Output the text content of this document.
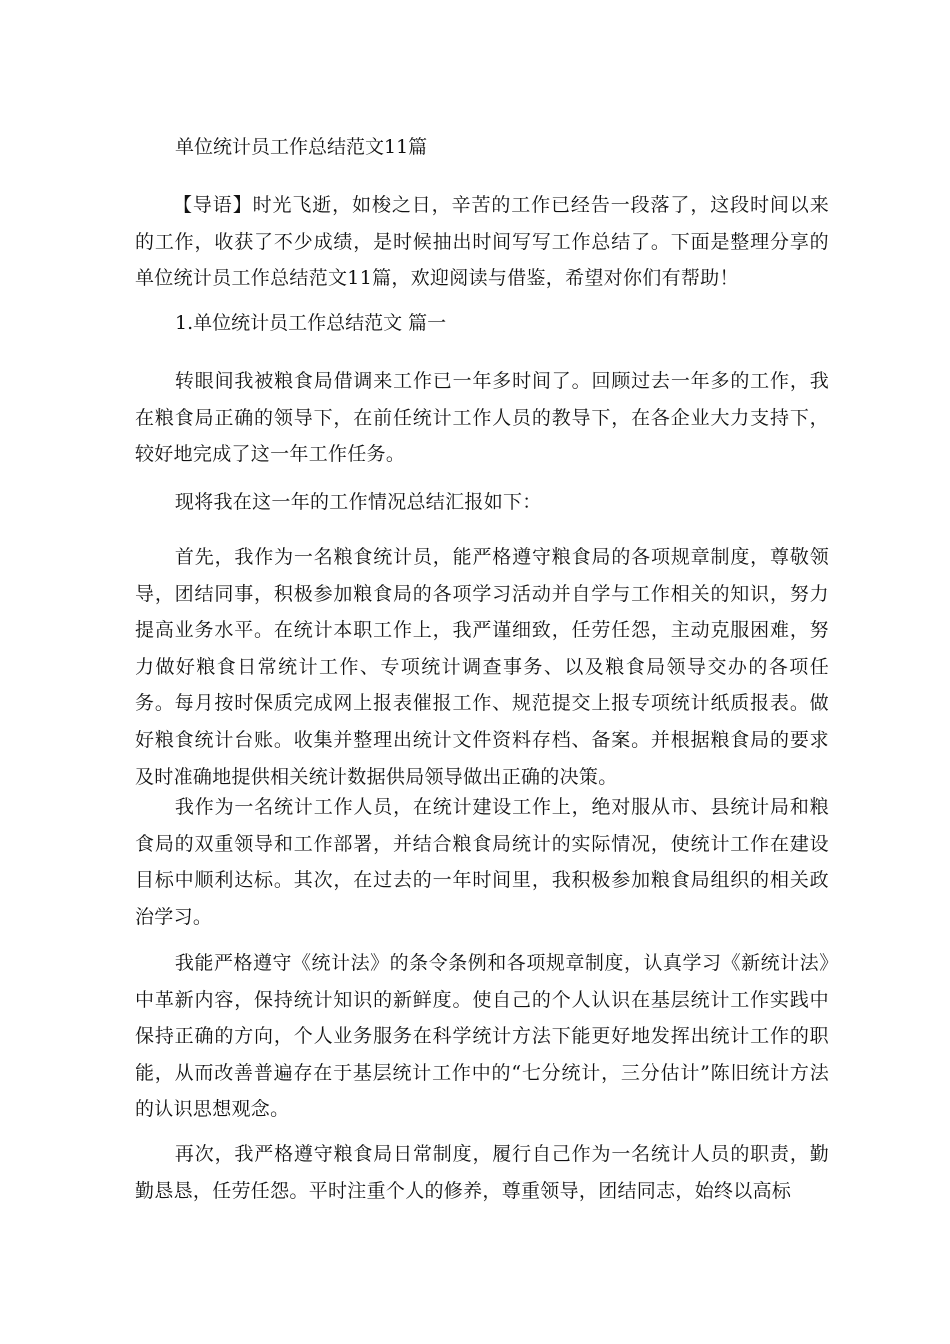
单位统计员工作总结范文11篇

【导语】时光飞逝，如梭之日，辛苦的工作已经告一段落了，这段时间以来的工作，收获了不少成绩，是时候抽出时间写写工作总结了。下面是整理分享的单位统计员工作总结范文11篇，欢迎阅读与借鉴，希望对你们有帮助！

1.单位统计员工作总结范文 篇一

转眼间我被粮食局借调来工作已一年多时间了。回顾过去一年多的工作，我在粮食局正确的领导下，在前任统计工作人员的教导下，在各企业大力支持下，较好地完成了这一年工作任务。

现将我在这一年的工作情况总结汇报如下：

首先，我作为一名粮食统计员，能严格遵守粮食局的各项规章制度，尊敬领导，团结同事，积极参加粮食局的各项学习活动并自学与工作相关的知识，努力提高业务水平。在统计本职工作上，我严谨细致，任劳任怨，主动克服困难，努力做好粮食日常统计工作、专项统计调查事务、以及粮食局领导交办的各项任务。每月按时保质完成网上报表催报工作、规范提交上报专项统计纸质报表。做好粮食统计台账。收集并整理出统计文件资料存档、备案。并根据粮食局的要求及时准确地提供相关统计数据供局领导做出正确的决策。

我作为一名统计工作人员，在统计建设工作上，绝对服从市、县统计局和粮食局的双重领导和工作部署，并结合粮食局统计的实际情况，使统计工作在建设目标中顺利达标。其次，在过去的一年时间里，我积极参加粮食局组织的相关政治学习。

我能严格遵守《统计法》的条令条例和各项规章制度，认真学习《新统计法》中革新内容，保持统计知识的新鲜度。使自己的个人认识在基层统计工作实践中保持正确的方向，个人业务服务在科学统计方法下能更好地发挥出统计工作的职能，从而改善普遍存在于基层统计工作中的“七分统计，三分估计”陈旧统计方法的认识思想观念。

再次，我严格遵守粮食局日常制度，履行自己作为一名统计人员的职责，勤勤恳恳，任劳任怨。平时注重个人的修养，尊重领导，团结同志，始终以高标
